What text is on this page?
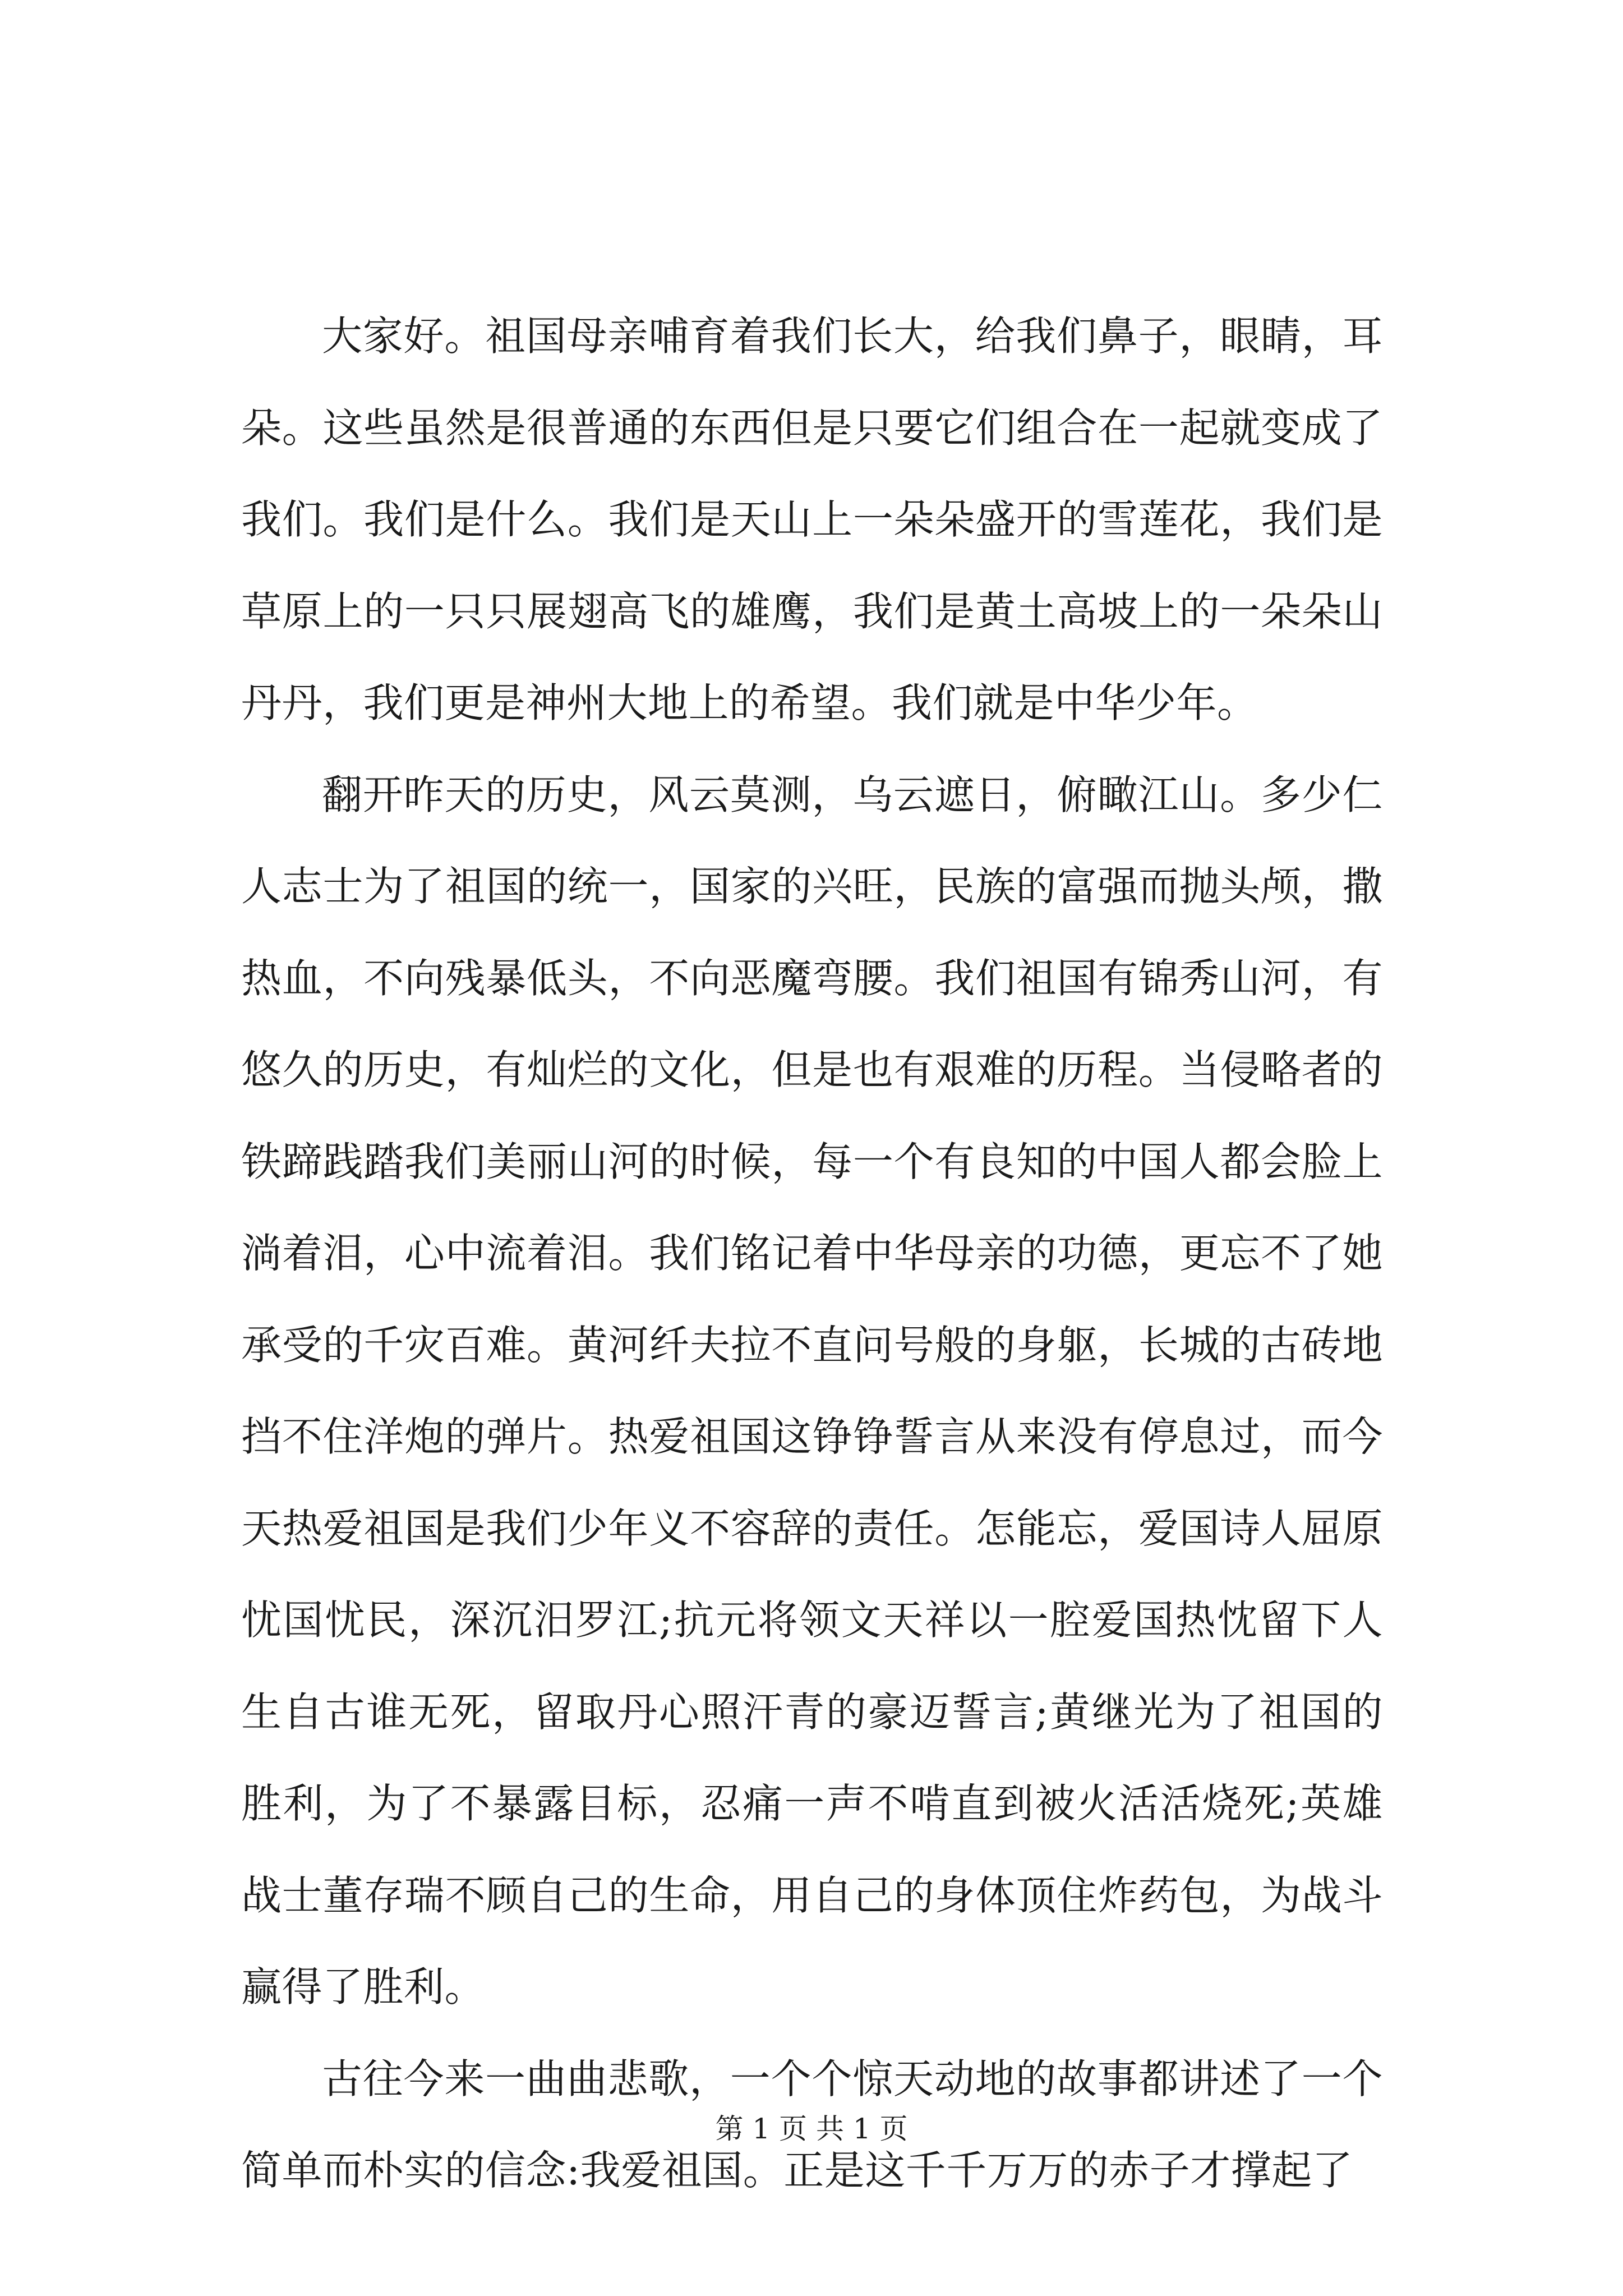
大家好。祖国母亲哺育着我们长大，给我们鼻子，眼睛，耳朵。这些虽然是很普通的东西但是只要它们组合在一起就变成了我们。我们是什么。我们是天山上一朵朵盛开的雪莲花，我们是草原上的一只只展翅高飞的雄鹰，我们是黄土高坡上的一朵朵山丹丹，我们更是神州大地上的希望。我们就是中华少年。

翻开昨天的历史，风云莫测，乌云遮日，俯瞰江山。多少仁人志士为了祖国的统一，国家的兴旺，民族的富强而抛头颅，撒热血，不向残暴低头，不向恶魔弯腰。我们祖国有锦秀山河，有悠久的历史，有灿烂的文化，但是也有艰难的历程。当侵略者的铁蹄践踏我们美丽山河的时候，每一个有良知的中国人都会脸上淌着泪，心中流着泪。我们铭记着中华母亲的功德，更忘不了她承受的千灾百难。黄河纤夫拉不直问号般的身躯，长城的古砖地挡不住洋炮的弹片。热爱祖国这铮铮誓言从来没有停息过，而今天热爱祖国是我们少年义不容辞的责任。怎能忘，爱国诗人屈原忧国忧民，深沉汨罗江;抗元将领文天祥以一腔爱国热忱留下人生自古谁无死，留取丹心照汗青的豪迈誓言;黄继光为了祖国的胜利，为了不暴露目标，忍痛一声不啃直到被火活活烧死;英雄战士董存瑞不顾自己的生命，用自己的身体顶住炸药包，为战斗赢得了胜利。

古往今来一曲曲悲歌，一个个惊天动地的故事都讲述了一个简单而朴实的信念:我爱祖国。正是这千千万万的赤子才撑起了

第 1 页 共 1 页
